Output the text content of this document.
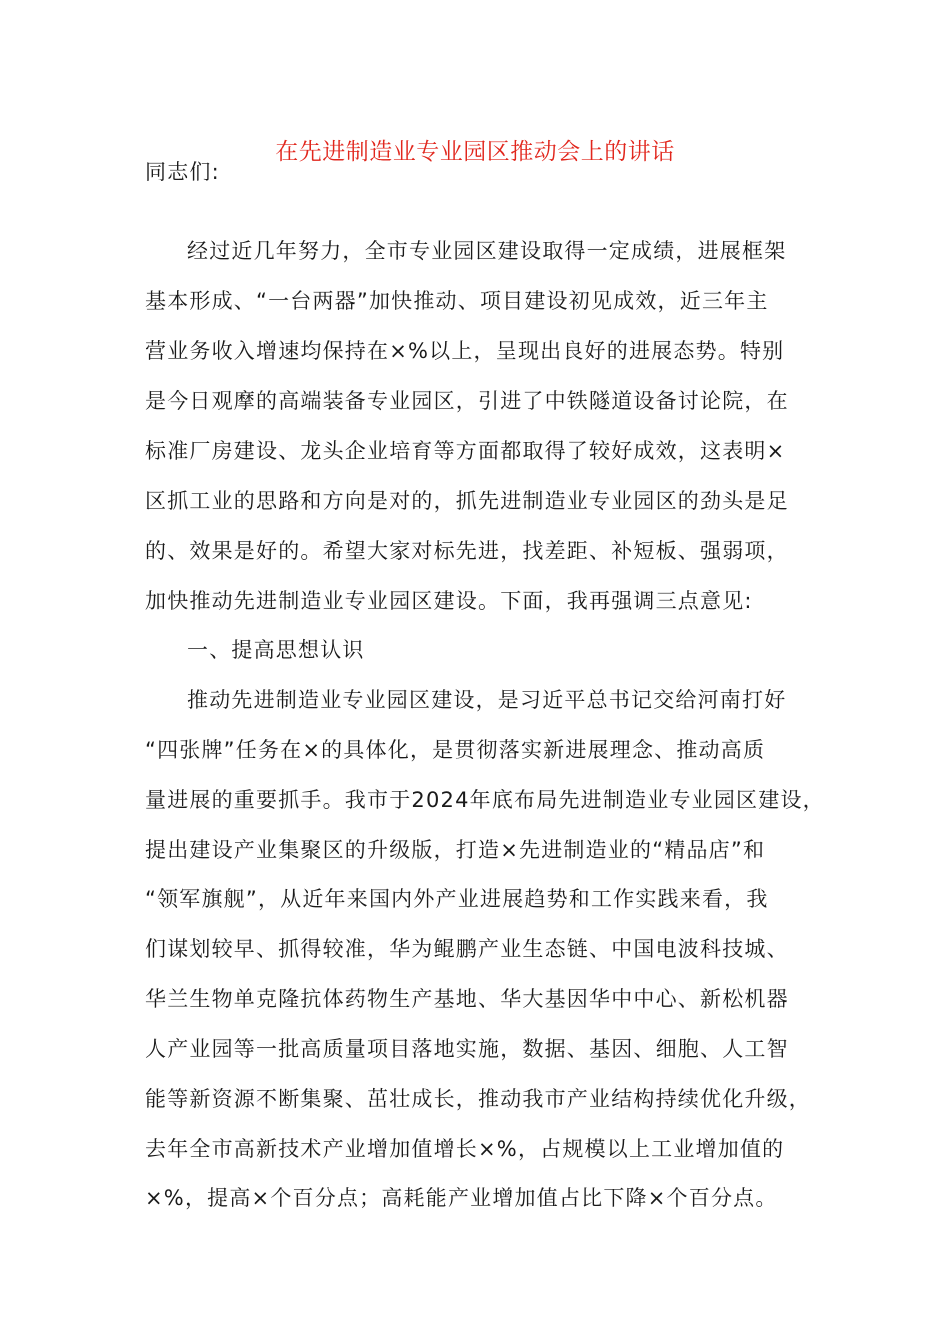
在先进制造业专业园区推动会上的讲话
同志们:
经过近几年努力，全市专业园区建设取得一定成绩，进展框架
基本形成、“一台两器”加快推动、项目建设初见成效，近三年主
营业务收入增速均保持在×%以上，呈现出良好的进展态势。特别
是今日观摩的高端装备专业园区，引进了中铁隧道设备讨论院，在
标准厂房建设、龙头企业培育等方面都取得了较好成效，这表明×
区抓工业的思路和方向是对的，抓先进制造业专业园区的劲头是足
的、效果是好的。希望大家对标先进，找差距、补短板、强弱项，
加快推动先进制造业专业园区建设。下面，我再强调三点意见:
一、提高思想认识
推动先进制造业专业园区建设，是习近平总书记交给河南打好
“四张牌”任务在×的具体化，是贯彻落实新进展理念、推动高质
量进展的重要抓手。我市于2024年底布局先进制造业专业园区建设，
提出建设产业集聚区的升级版，打造×先进制造业的“精品店”和
“领军旗舰”，从近年来国内外产业进展趋势和工作实践来看，我
们谋划较早、抓得较准，华为鲲鹏产业生态链、中国电波科技城、
华兰生物单克隆抗体药物生产基地、华大基因华中中心、新松机器
人产业园等一批高质量项目落地实施，数据、基因、细胞、人工智
能等新资源不断集聚、茁壮成长，推动我市产业结构持续优化升级，
去年全市高新技术产业增加值增长×%，占规模以上工业增加值的
×%，提高×个百分点；高耗能产业增加值占比下降×个百分点。
